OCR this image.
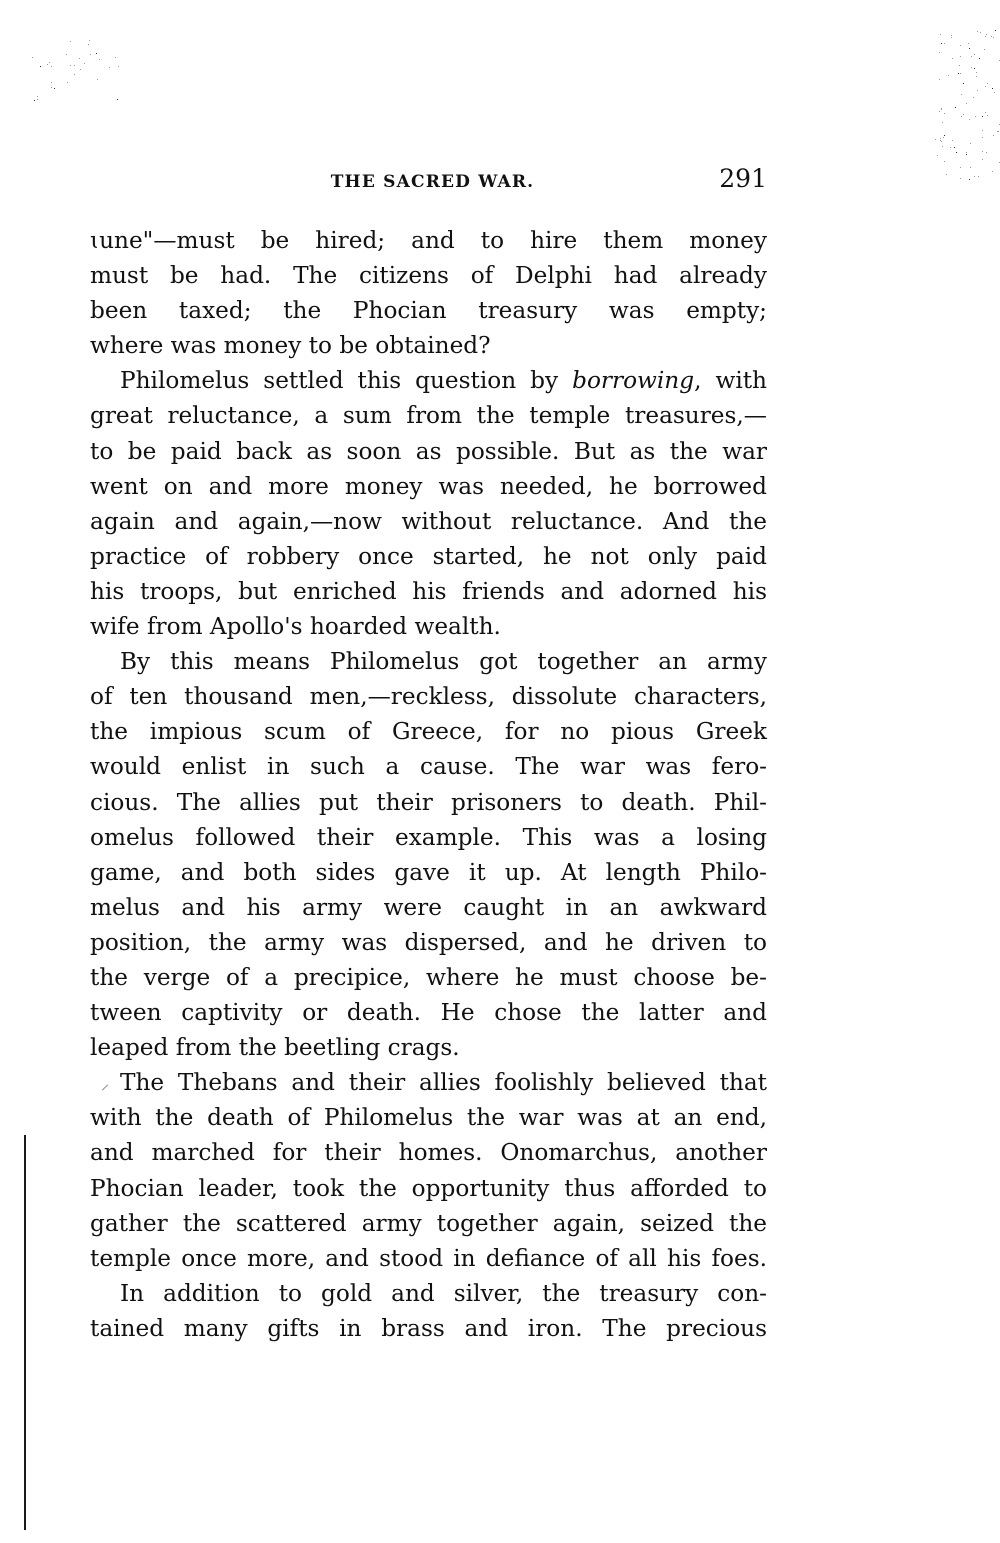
THE SACRED WAR.	291
ɩune"—must be hired; and to hire them money
must be had. The citizens of Delphi had already
been taxed; the Phocian treasury was empty;
where was money to be obtained?
Philomelus settled this question by borrowing, with
great reluctance, a sum from the temple treasures,—
to be paid back as soon as possible. But as the war
went on and more money was needed, he borrowed
again and again,—now without reluctance. And the
practice of robbery once started, he not only paid
his troops, but enriched his friends and adorned his
wife from Apollo's hoarded wealth.
By this means Philomelus got together an army
of ten thousand men,—reckless, dissolute characters,
the impious scum of Greece, for no pious Greek
would enlist in such a cause. The war was fero-
cious. The allies put their prisoners to death. Phil-
omelus followed their example. This was a losing
game, and both sides gave it up. At length Philo-
melus and his army were caught in an awkward
position, the army was dispersed, and he driven to
the verge of a precipice, where he must choose be-
tween captivity or death. He chose the latter and
leaped from the beetling crags.
The Thebans and their allies foolishly believed that
with the death of Philomelus the war was at an end,
and marched for their homes. Onomarchus, another
Phocian leader, took the opportunity thus afforded to
gather the scattered army together again, seized the
temple once more, and stood in defiance of all his foes.
In addition to gold and silver, the treasury con-
tained many gifts in brass and iron. The precious
